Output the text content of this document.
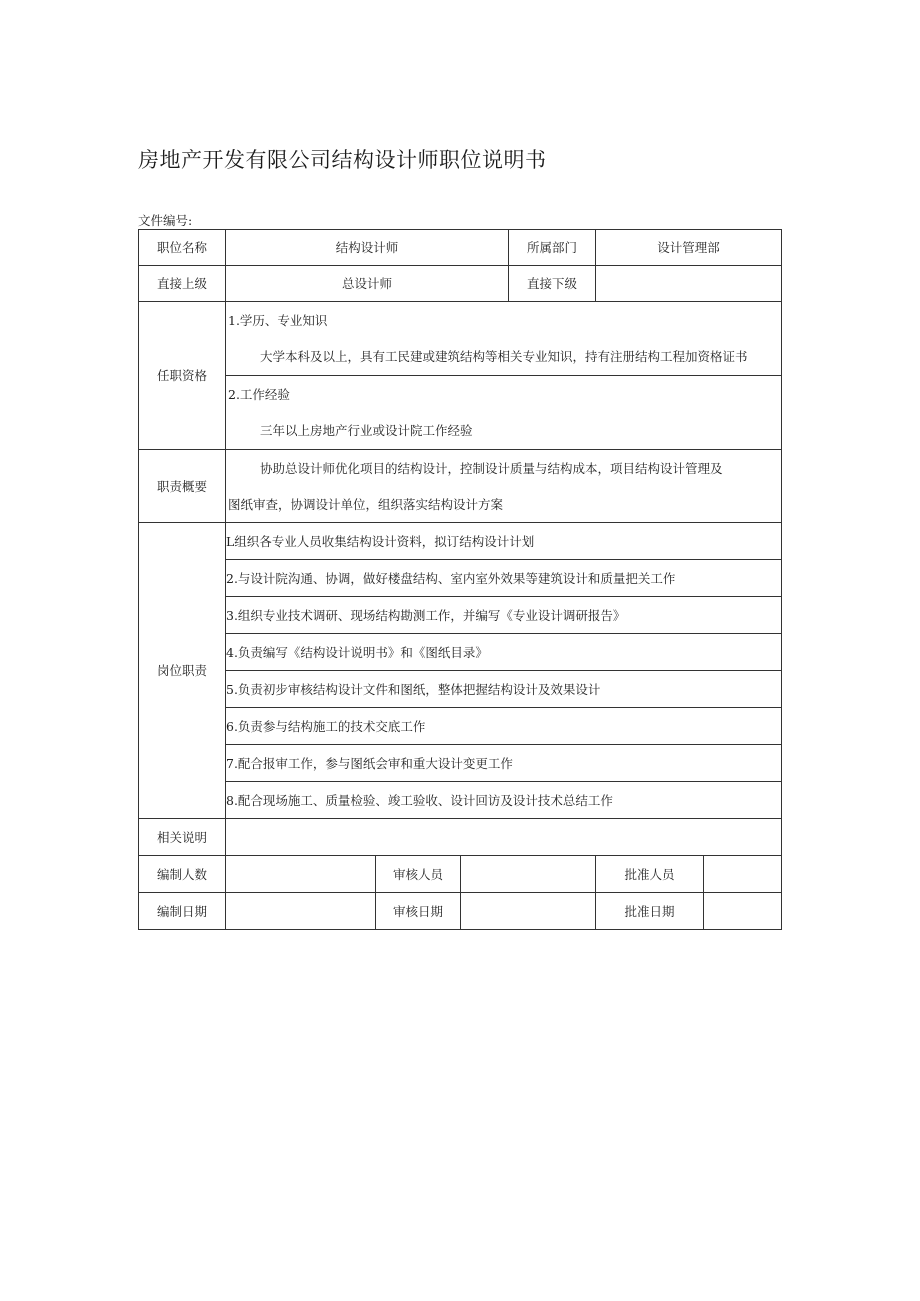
房地产开发有限公司结构设计师职位说明书
文件编号:
职位名称	结构设计师			所属部门	设计管理部	
直接上级	总设计师			直接下级		
任职资格	1.学历、专业知识					
	大学本科及以上，具有工民建或建筑结构等相关专业知识，持有注册结构工程加资格证书					
	2.工作经验					
	三年以上房地产行业或设计院工作经验					
职责概要	协助总设计师优化项目的结构设计，控制设计质量与结构成本，项目结构设计管理及
图纸审查，协调设计单位，组织落实结构设计方案					

岗位职责	L组织各专业人员收集结构设计资料，拟订结构设计计划					
	2.与设计院沟通、协调，做好楼盘结构、室内室外效果等建筑设计和质量把关工作					
	3.组织专业技术调研、现场结构勘测工作，并编写《专业设计调研报告》					
	4.负责编写《结构设计说明书》和《图纸目录》					
	5.负责初步审核结构设计文件和图纸，整体把握结构设计及效果设计					
	6.负责参与结构施工的技术交底工作					
	7.配合报审工作，参与图纸会审和重大设计变更工作					
	8.配合现场施工、质量检验、竣工验收、设计回访及设计技术总结工作					
相关说明						
编制人数		审核人员			批准人员	
编制日期		审核日期			批准日期	
